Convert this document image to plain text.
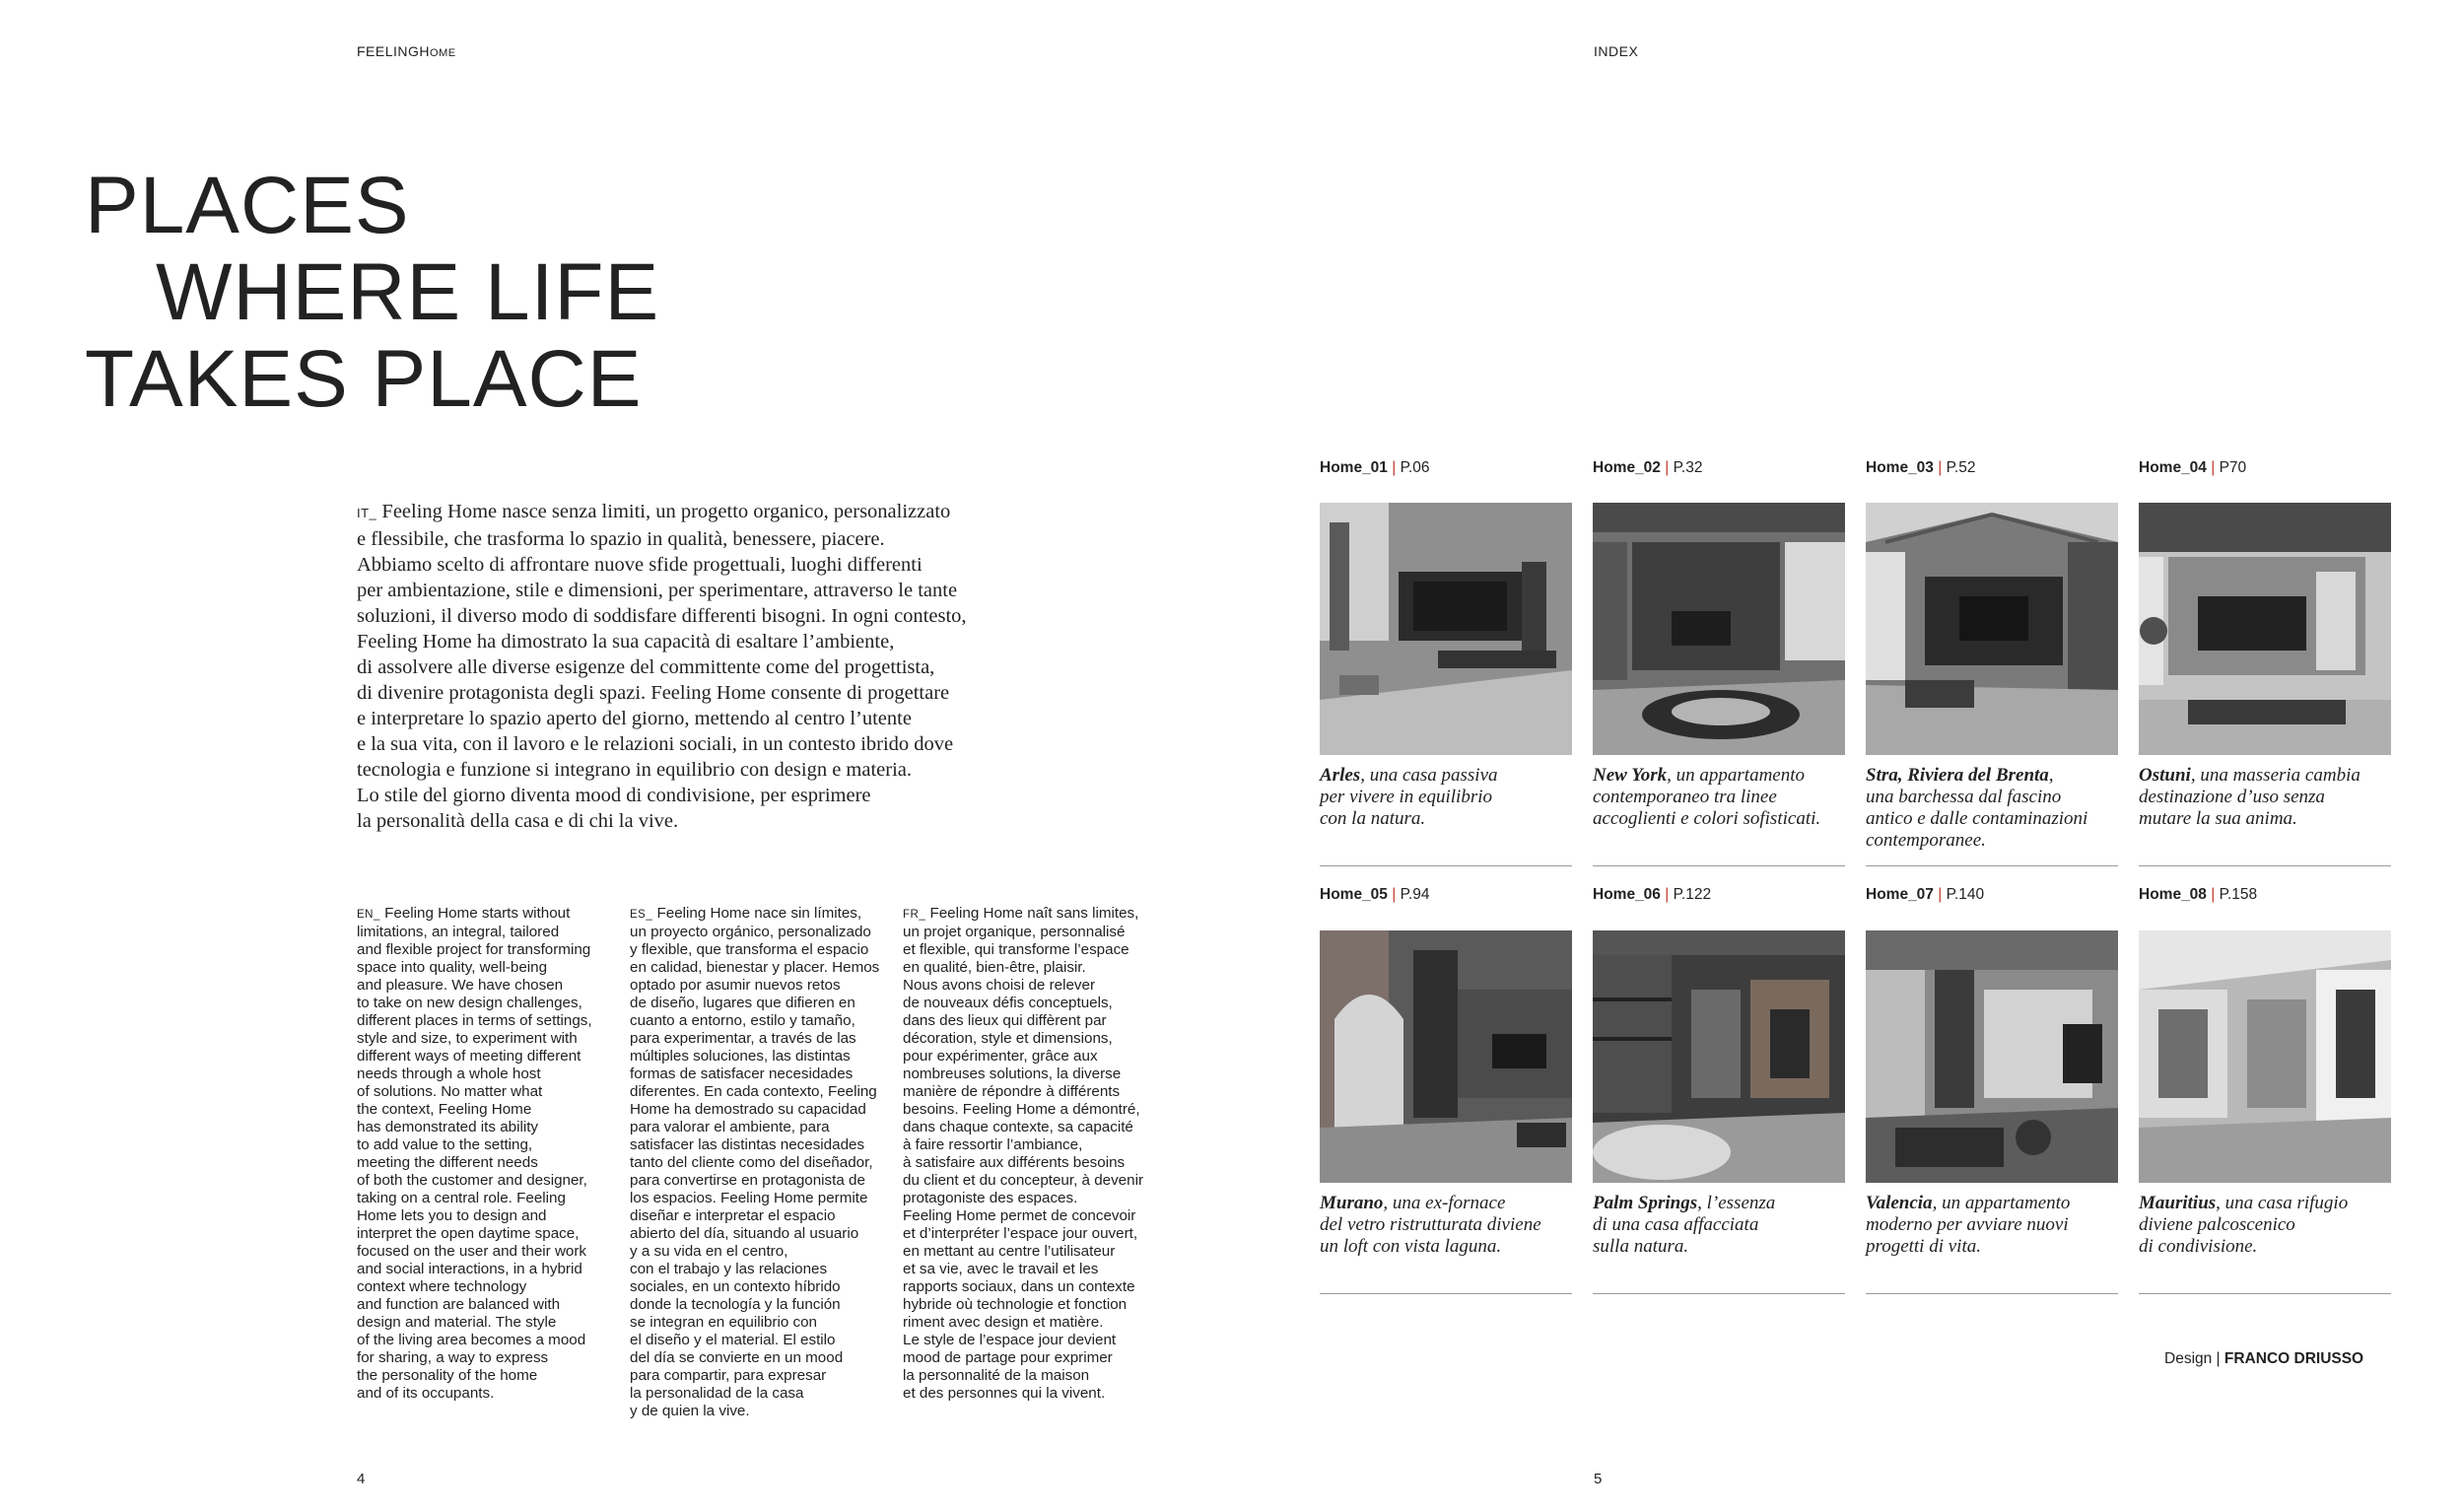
FEELINGHOME	INDEX
PLACES
WHERE LIFE
TAKES PLACE
IT_ Feeling Home nasce senza limiti, un progetto organico, personalizzato
e flessibile, che trasforma lo spazio in qualità, benessere, piacere.
Abbiamo scelto di affrontare nuove sfide progettuali, luoghi differenti
per ambientazione, stile e dimensioni, per sperimentare, attraverso le tante
soluzioni, il diverso modo di soddisfare differenti bisogni. In ogni contesto,
Feeling Home ha dimostrato la sua capacità di esaltare l’ambiente,
di assolvere alle diverse esigenze del committente come del progettista,
di divenire protagonista degli spazi. Feeling Home consente di progettare
e interpretare lo spazio aperto del giorno, mettendo al centro l’utente
e la sua vita, con il lavoro e le relazioni sociali, in un contesto ibrido dove
tecnologia e funzione si integrano in equilibrio con design e materia.
Lo stile del giorno diventa mood di condivisione, per esprimere
la personalità della casa e di chi la vive.
EN_ Feeling Home starts without
limitations, an integral, tailored
and flexible project for transforming
space into quality, well-being
and pleasure. We have chosen
to take on new design challenges,
different places in terms of settings,
style and size, to experiment with
different ways of meeting different
needs through a whole host
of solutions. No matter what
the context, Feeling Home
has demonstrated its ability
to add value to the setting,
meeting the different needs
of both the customer and designer,
taking on a central role. Feeling
Home lets you to design and
interpret the open daytime space,
focused on the user and their work
and social interactions, in a hybrid
context where technology
and function are balanced with
design and material. The style
of the living area becomes a mood
for sharing, a way to express
the personality of the home
and of its occupants.
ES_ Feeling Home nace sin límites,
un proyecto orgánico, personalizado
y flexible, que transforma el espacio
en calidad, bienestar y placer. Hemos
optado por asumir nuevos retos
de diseño, lugares que difieren en
cuanto a entorno, estilo y tamaño,
para experimentar, a través de las
múltiples soluciones, las distintas
formas de satisfacer necesidades
diferentes. En cada contexto, Feeling
Home ha demostrado su capacidad
para valorar el ambiente, para
satisfacer las distintas necesidades
tanto del cliente como del diseñador,
para convertirse en protagonista de
los espacios. Feeling Home permite
diseñar e interpretar el espacio
abierto del día, situando al usuario
y a su vida en el centro,
con el trabajo y las relaciones
sociales, en un contexto híbrido
donde la tecnología y la función
se integran en equilibrio con
el diseño y el material. El estilo
del día se convierte en un mood
para compartir, para expresar
la personalidad de la casa
y de quien la vive.
FR_ Feeling Home naît sans limites,
un projet organique, personnalisé
et flexible, qui transforme l’espace
en qualité, bien-être, plaisir.
Nous avons choisi de relever
de nouveaux défis conceptuels,
dans des lieux qui diffèrent par
décoration, style et dimensions,
pour expérimenter, grâce aux
nombreuses solutions, la diverse
manière de répondre à différents
besoins. Feeling Home a démontré,
dans chaque contexte, sa capacité
à faire ressortir l’ambiance,
à satisfaire aux différents besoins
du client et du concepteur, à devenir
protagoniste des espaces.
Feeling Home permet de concevoir
et d’interpréter l’espace jour ouvert,
en mettant au centre l’utilisateur
et sa vie, avec le travail et les
rapports sociaux, dans un contexte
hybride où technologie et fonction
riment avec design et matière.
Le style de l’espace jour devient
mood de partage pour exprimer
la personnalité de la maison
et des personnes qui la vivent.
4	5
Home_01 | P.06
Arles, una casa passiva
per vivere in equilibrio
con la natura.
Home_02 | P.32
New York, un appartamento
contemporaneo tra linee
accoglienti e colori sofisticati.
Home_03 | P.52
Stra, Riviera del Brenta,
una barchessa dal fascino
antico e dalle contaminazioni
contemporanee.
Home_04 | P70
Ostuni, una masseria cambia
destinazione d’uso senza
mutare la sua anima.
Home_05 | P.94
Murano, una ex-fornace
del vetro ristrutturata diviene
un loft con vista laguna.
Home_06 | P.122
Palm Springs, l’essenza
di una casa affacciata
sulla natura.
Home_07 | P.140
Valencia, un appartamento
moderno per avviare nuovi
progetti di vita.
Home_08 | P.158
Mauritius, una casa rifugio
diviene palcoscenico
di condivisione.
Design | FRANCO DRIUSSO
